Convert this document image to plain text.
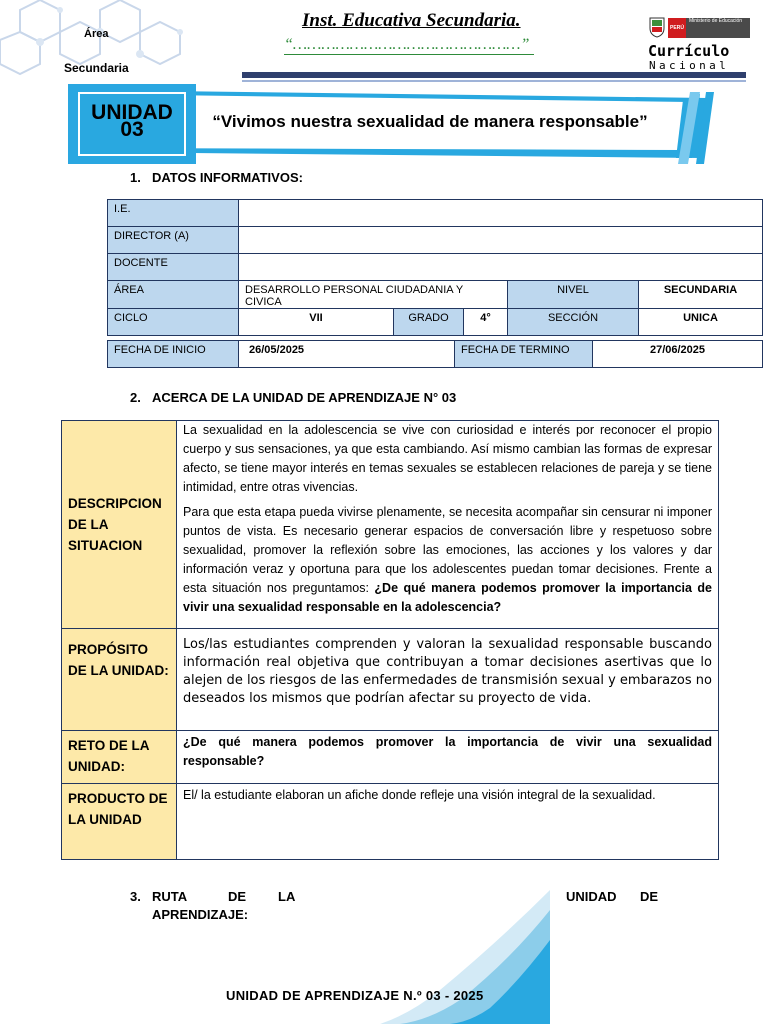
Área
Secundaria
Inst. Educativa Secundaria.
“…………………………………………”
PERÚ
Ministerio de Educación
Currículo
Nacional
UNIDAD
03	“Vivimos nuestra sexualidad de manera responsable”
1. DATOS INFORMATIVOS:
I.E.					
DIRECTOR (A)					
DOCENTE					
ÁREA	DESARROLLO PERSONAL CIUDADANIA Y CIVICA			NIVEL	SECUNDARIA
CICLO	VII	GRADO	4°	SECCIÓN	UNICA
FECHA DE INICIO	26/05/2025	FECHA DE TERMINO	27/06/2025
2. ACERCA DE LA UNIDAD DE APRENDIZAJE N° 03
DESCRIPCION DE LA SITUACION	La sexualidad en la adolescencia se vive con curiosidad e interés por reconocer el propio cuerpo y sus sensaciones, ya que esta cambiando. Así mismo cambian las formas de expresar afecto, se tiene mayor interés en temas sexuales se establecen relaciones de pareja y se tiene intimidad, entre otras vivencias.

Para que esta etapa pueda vivirse plenamente, se necesita acompañar sin censurar ni imponer puntos de vista. Es necesario generar espacios de conversación libre y respetuoso sobre sexualidad, promover la reflexión sobre las emociones, las acciones y los valores y dar información veraz y oportuna para que los adolescentes puedan tomar decisiones. Frente a esta situación nos preguntamos: ¿De qué manera podemos promover la importancia de vivir una sexualidad responsable en la adolescencia?

PROPÓSITO DE LA UNIDAD:	Los/las estudiantes comprenden y valoran la sexualidad responsable buscando información real objetiva que contribuyan a tomar decisiones asertivas que lo alejen de los riesgos de las enfermedades de transmisión sexual y embarazos no deseados los mismos que podrían afectar su proyecto de vida.
RETO DE LA UNIDAD:	¿De qué manera podemos promover la importancia de vivir una sexualidad responsable?
PRODUCTO DE LA UNIDAD	El/ la estudiante elaboran un afiche donde refleje una visión integral de la sexualidad.
3. RUTA	DE LA	UNIDAD DE
APRENDIZAJE:
UNIDAD DE APRENDIZAJE N.º 03 - 2025
